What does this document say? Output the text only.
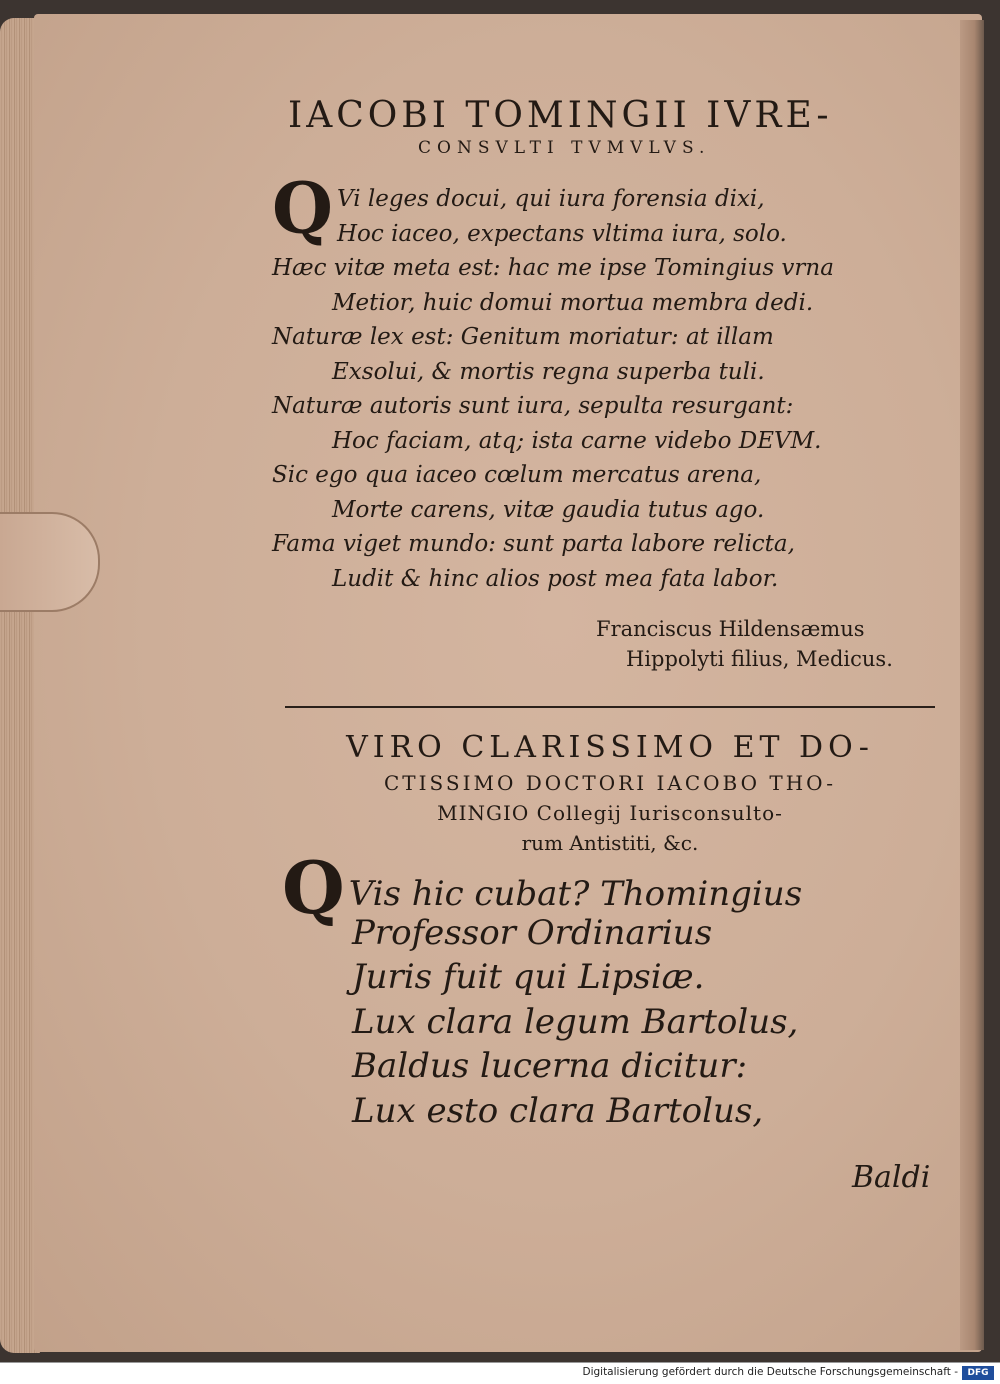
IACOBI TOMINGII IVRE-
CONSVLTI TVMVLVS.
Q Vi leges docui, qui iura forensia dixi,
Hoc iaceo, expectans vltima iura, solo.
Hæc vitæ meta est: hac me ipse Tomingius vrna
Metior, huic domui mortua membra dedi.
Naturæ lex est: Genitum moriatur: at illam
Exsolui, & mortis regna superba tuli.
Naturæ autoris sunt iura, sepulta resurgant:
Hoc faciam, atq; ista carne videbo DEVM.
Sic ego qua iaceo cœlum mercatus arena,
Morte carens, vitæ gaudia tutus ago.
Fama viget mundo: sunt parta labore relicta,
Ludit & hinc alios post mea fata labor.
Franciscus Hildensæmus
Hippolyti filius, Medicus.
VIRO CLARISSIMO ET DO-
CTISSIMO DOCTORI IACOBO THO-
MINGIO Collegij Iurisconsulto-
rum Antistiti, &c.
Q Vis hic cubat? Thomingius
Professor Ordinarius
Juris fuit qui Lipsiæ.
Lux clara legum Bartolus,
Baldus lucerna dicitur:
Lux esto clara Bartolus,
Baldi
Digitalisierung gefördert durch die Deutsche Forschungsgemeinschaft -	DFG
